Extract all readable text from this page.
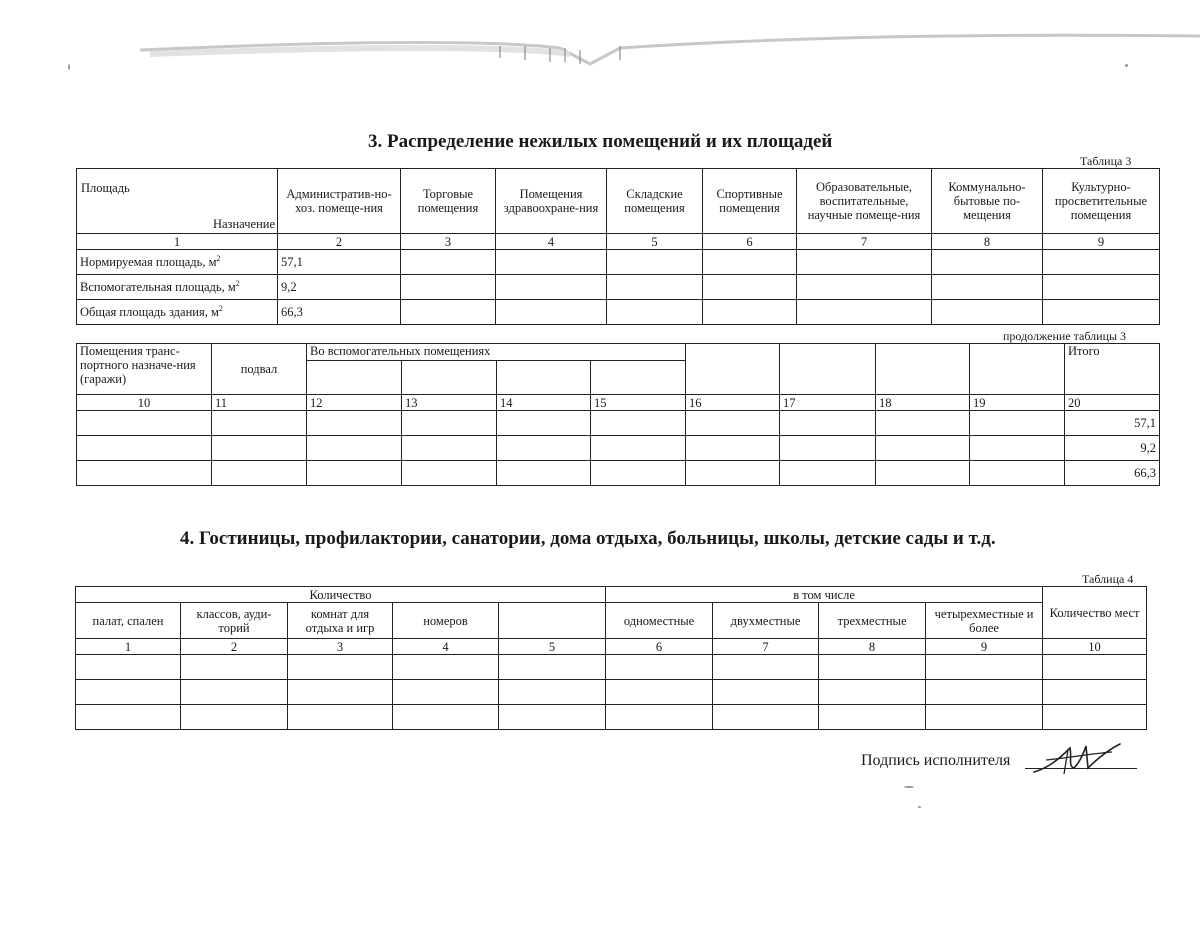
3. Распределение нежилых помещений и их площадей
Таблица 3
Назначение
Площадь	Административ-но-хоз. помеще-ния	Торговые помещения	Помещения здравоохране-ния	Складские помещения	Спортивные помещения	Образовательные, воспитательные, научные помеще-ния	Коммунально-бытовые по-мещения	Культурно-просветительные помещения
1	2	3	4	5	6	7	8	9
Нормируемая площадь, $м^2$	57,1							
Вспомогательная площадь, $м^2$	9,2							
Общая площадь здания, $м^2$	66,3							
продолжение таблицы 3
Помещения транс-портного назначе-ния (гаражи)	подвал	Во вспомогательных помещениях								Итого

10	11	12	13	14	15	16	17	18	19	20
										57,1
										9,2
										66,3
4. Гостиницы, профилактории, санатории, дома отдыха, больницы, школы, детские сады и т.д.
Таблица 4
Количество					в том числе				Количество мест
палат, спален	классов, ауди-торий	комнат для отдыха и игр	номеров		одноместные	двухместные	трехместные	четырехместные и более	
1	2	3	4	5	6	7	8	9	10

Подпись исполнителя
